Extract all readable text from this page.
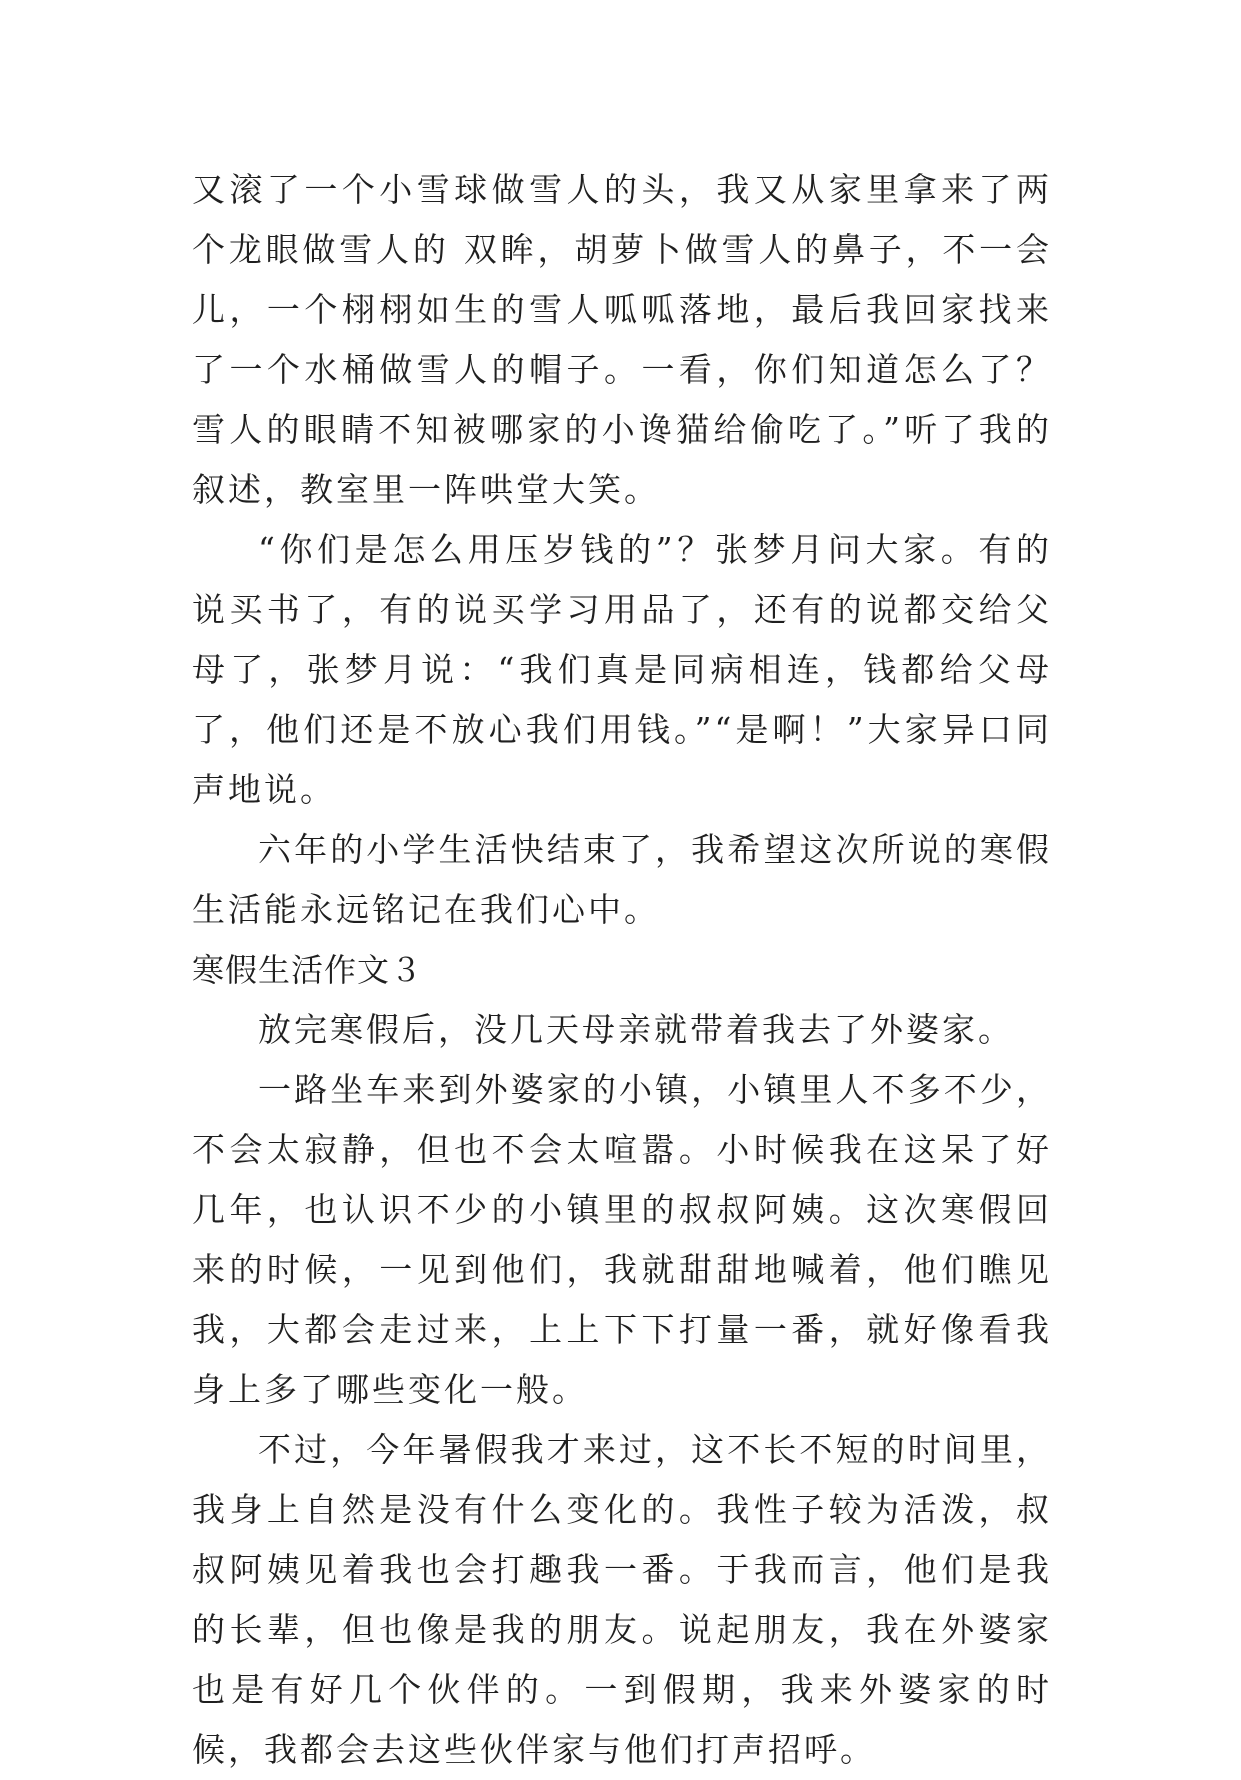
又滚了一个小雪球做雪人的头，我又从家里拿来了两个龙眼做雪人的 双眸，胡萝卜做雪人的鼻子，不一会儿，一个栩栩如生的雪人呱呱落地，最后我回家找来了一个水桶做雪人的帽子。一看，你们知道怎么了？雪人的眼睛不知被哪家的小谗猫给偷吃了。”听了我的叙述，教室里一阵哄堂大笑。

“你们是怎么用压岁钱的”？张梦月问大家。有的说买书了，有的说买学习用品了，还有的说都交给父母了，张梦月说：“我们真是同病相连，钱都给父母了，他们还是不放心我们用钱。”“是啊！”大家异口同声地说。

六年的小学生活快结束了，我希望这次所说的寒假生活能永远铭记在我们心中。

寒假生活作文３

放完寒假后，没几天母亲就带着我去了外婆家。

一路坐车来到外婆家的小镇，小镇里人不多不少，不会太寂静，但也不会太喧嚣。小时候我在这呆了好几年，也认识不少的小镇里的叔叔阿姨。这次寒假回来的时候，一见到他们，我就甜甜地喊着，他们瞧见我，大都会走过来，上上下下打量一番，就好像看我身上多了哪些变化一般。

不过，今年暑假我才来过，这不长不短的时间里，我身上自然是没有什么变化的。我性子较为活泼，叔叔阿姨见着我也会打趣我一番。于我而言，他们是我的长辈，但也像是我的朋友。说起朋友，我在外婆家也是有好几个伙伴的。一到假期，我来外婆家的时候，我都会去这些伙伴家与他们打声招呼。
